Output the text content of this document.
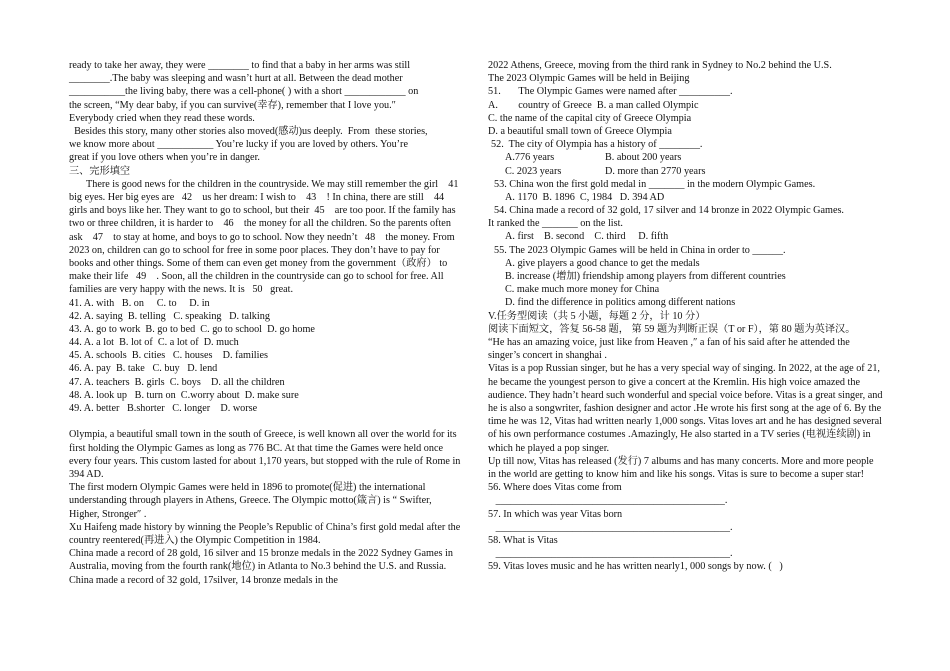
ready to take her away, they were ________ to find that a baby in her arms was still
________.The baby was sleeping and wasn’t hurt at all. Between the dead mother
___________the living baby, there was a cell-phone( ) with a short ____________ on
the screen, “My dear baby, if you can survive(幸存), remember that I love you.″
Everybody cried when they read these words.
Besides this story, many other stories also moved(感动)us deeply.  From  these stories,
we know more about ___________ You’re lucky if you are loved by others. You’re
great if you love others when you’re in danger.
三、完形填空
There is good news for the children in the countryside. We may still remember the girl    41   big eyes. Her big eyes are   42    us her dream: I wish to    43    ! In china, there are still    44    girls and boys like her. They want to go to school, but their  45    are too poor. If the family has two or three children, it is harder to    46    the money for all the children. So the parents often ask    47    to stay at home, and boys to go to school. Now they needn’t   48    the money. From 2023 on, children can go to school for free in some poor places. They don’t have to pay for books and other things. Some of them can even get money from the government（政府） to make their life   49    . Soon, all the children in the countryside can go to school for free. All families are very happy with the news. It is   50   great.
41. A. with   B. on     C. to     D. in
42. A. saying  B. telling   C. speaking   D. talking
43. A. go to work  B. go to bed  C. go to school  D. go home
44. A. a lot  B. lot of  C. a lot of  D. much
45. A. schools  B. cities   C. houses    D. families
46. A. pay  B. take   C. buy   D. lend
47. A. teachers  B. girls  C. boys    D. all the children
48. A. look up   B. turn on  C.worry about  D. make sure
49. A. better   B.shorter   C. longer    D. worse
Olympia, a beautiful small town in the south of Greece, is well known all over the world for its first holding the Olympic Games as long as 776 BC. At that time the Games were held once every four years. This custom lasted for about 1,170 years, but stopped with the rule of Rome in 394 AD.
The first modern Olympic Games were held in 1896 to promote(促进) the international understanding through players in Athens, Greece. The Olympic motto(箴言) is “ Swifter, Higher, Stronger″ .
Xu Haifeng made history by winning the People’s Republic of China’s first gold medal after the country reentered(再进入) the Olympic Competition in 1984.
China made a record of 28 gold, 16 silver and 15 bronze medals in the 2022 Sydney Games in Australia, moving from the fourth rank(地位) in Atlanta to No.3 behind the U.S. and Russia. China made a record of 32 gold, 17silver, 14 bronze medals in the
2022 Athens, Greece, moving from the third rank in Sydney to No.2 behind the U.S.
The 2023 Olympic Games will be held in Beijing
51.       The Olympic Games were named after __________.
A.        country of Greece  B. a man called Olympic
C. the name of the capital city of Greece Olympia
D. a beautiful small town of Greece Olympia
52.  The city of Olympia has a history of ________.
A.776 years	B. about 200 years
C. 2023 years	D. more than 2770 years
53. China won the first gold medal in _______ in the modern Olympic Games.
A. 1170  B. 1896  C, 1984   D. 394 AD
54. China made a record of 32 gold, 17 silver and 14 bronze in 2022 Olympic Games.
It ranked the _______ on the list.
A. first    B. second    C. third     D. fifth
55. The 2023 Olympic Games will be held in China in order to ______.
A. give players a good chance to get the medals
B. increase (增加) friendship among players from different countries
C. make much more money for China
D. find the difference in politics among different nations
V.任务型阅读（共 5 小题，每题 2 分，计 10 分）
阅读下面短文，答复 56-58 题， 第 59 题为判断正误（T or F），第 80 题为英译汉。
“He has an amazing voice, just like from Heaven ,″ a fan of his said after he attended the singer’s concert in shanghai .
Vitas is a pop Russian singer, but he has a very special way of singing. In 2022, at the age of 21, he became the youngest person to give a concert at the Kremlin. His high voice amazed the audience. They hadn’t heard such wonderful and special voice before. Vitas is a great singer, and he is also a songwriter, fashion designer and actor .He wrote his first song at the age of 6. By the time he was 12, Vitas had written nearly 1,000 songs. Vitas loves art and he has designed several of his own performance costumes .Amazingly, He also started in a TV series (电视连续剧) in which he played a pop singer.
Up till now, Vitas has released (发行) 7 albums and has many concerts. More and more people in the world are getting to know him and like his songs. Vitas is sure to become a super star!
56. Where does Vitas come from
_____________________________________________.
57. In which was year Vitas born
______________________________________________.
58. What is Vitas
______________________________________________.
59. Vitas loves music and he has written nearly1, 000 songs by now. (   )
